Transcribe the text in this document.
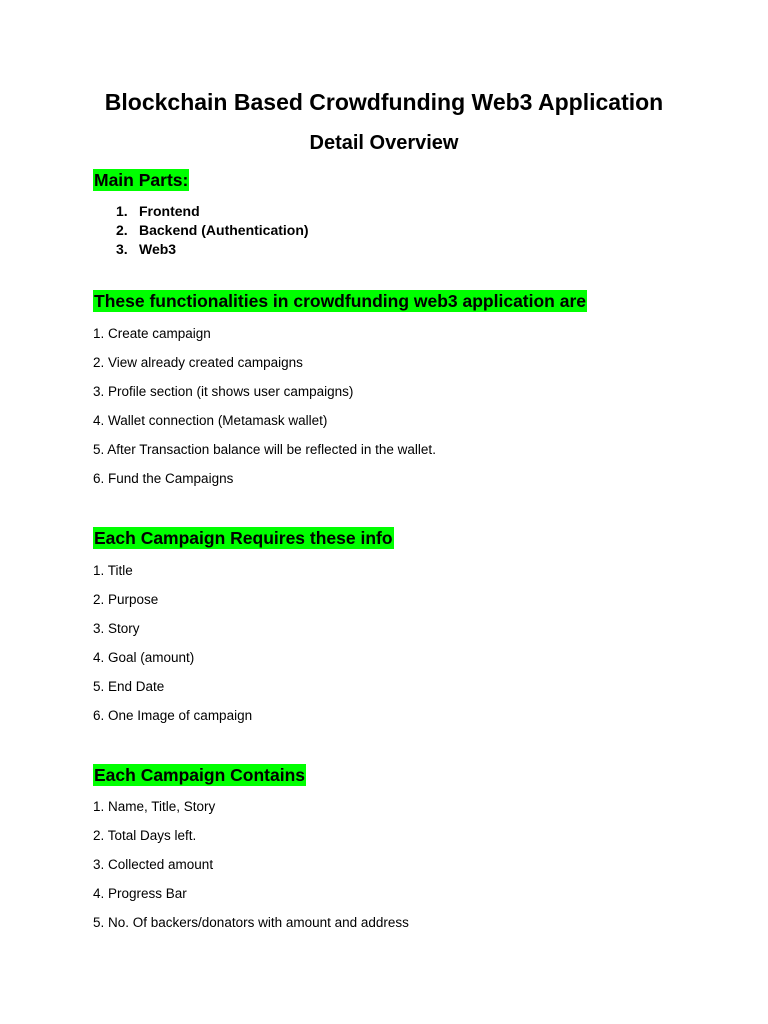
Blockchain Based Crowdfunding Web3 Application
Detail Overview
Main Parts:
1. Frontend
2. Backend (Authentication)
3. Web3
These functionalities in crowdfunding web3 application are
1. Create campaign
2. View already created campaigns
3. Profile section (it shows user campaigns)
4. Wallet connection (Metamask wallet)
5. After Transaction balance will be reflected in the wallet.
6. Fund the Campaigns
Each Campaign Requires these info
1. Title
2. Purpose
3. Story
4. Goal (amount)
5. End Date
6. One Image of campaign
Each Campaign Contains
1. Name, Title, Story
2. Total Days left.
3. Collected amount
4. Progress Bar
5. No. Of backers/donators with amount and address
